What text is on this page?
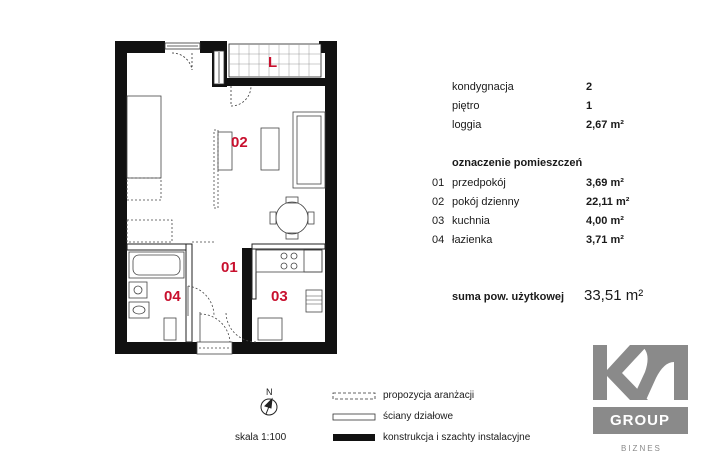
L
02
01
04	03
kondygnacja	2
piętro	1
loggia	2,67 m²
oznaczenie pomieszczeń
01 przedpokój	3,69 m²
02 pokój dzienny	22,11 m²
03 kuchnia	4,00 m²
04 łazienka	3,71 m²
suma pow. użytkowej 33,51 m²
N
skala 1:100
propozycja aranżacji
ściany działowe
konstrukcja i szachty instalacyjne
GROUP
BIZNES
